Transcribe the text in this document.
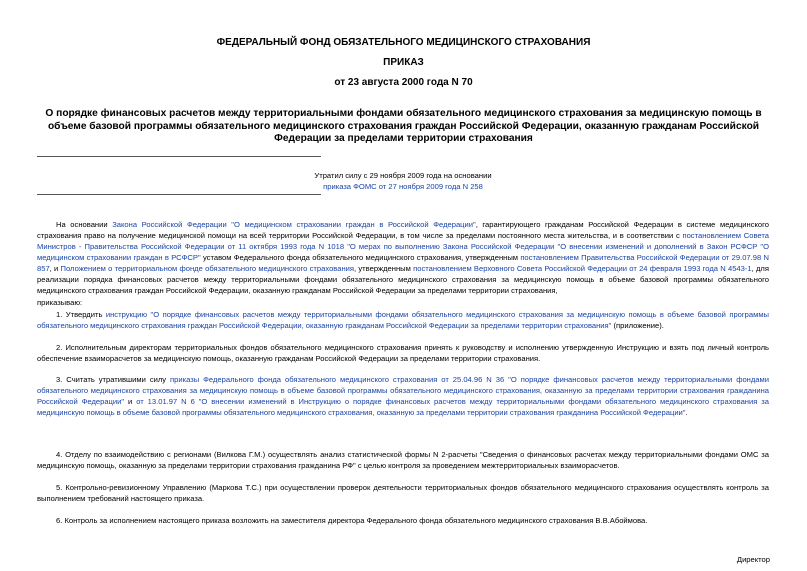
ФЕДЕРАЛЬНЫЙ ФОНД ОБЯЗАТЕЛЬНОГО МЕДИЦИНСКОГО СТРАХОВАНИЯ
ПРИКАЗ
от 23 августа 2000 года N 70
О порядке финансовых расчетов между территориальными фондами обязательного медицинского страхования за медицинскую помощь в объеме базовой программы обязательного медицинского страхования граждан Российской Федерации, оказанную гражданам Российской Федерации за пределами территории страхования
Утратил силу с 29 ноября 2009 года на основании
приказа ФОМС от 27 ноября 2009 года N 258
На основании Закона Российской Федерации "О медицинском страховании граждан в Российской Федерации", гарантирующего гражданам Российской Федерации в системе медицинского страхования право на получение медицинской помощи на всей территории Российской Федерации, в том числе за пределами постоянного места жительства, и в соответствии с постановлением Совета Министров - Правительства Российской Федерации от 11 октября 1993 года N 1018 "О мерах по выполнению Закона Российской Федерации "О внесении изменений и дополнений в Закон РСФСР "О медицинском страховании граждан в РСФСР" уставом Федерального фонда обязательного медицинского страхования, утвержденным постановлением Правительства Российской Федерации от 29.07.98 N 857, и Положением о территориальном фонде обязательного медицинского страхования, утвержденным постановлением Верховного Совета Российской Федерации от 24 февраля 1993 года N 4543-1, для реализации порядка финансовых расчетов между территориальными фондами обязательного медицинского страхования за медицинскую помощь в объеме базовой программы обязательного медицинского страхования граждан Российской Федерации, оказанную гражданам Российской Федерации за пределами территории страхования,
приказываю:
1. Утвердить инструкцию "О порядке финансовых расчетов между территориальными фондами обязательного медицинского страхования за медицинскую помощь в объеме базовой программы обязательного медицинского страхования граждан Российской Федерации, оказанную гражданам Российской Федерации за пределами территории страхования" (приложение).
2. Исполнительным директорам территориальных фондов обязательного медицинского страхования принять к руководству и исполнению утвержденную Инструкцию и взять под личный контроль обеспечение взаиморасчетов за медицинскую помощь, оказанную гражданам Российской Федерации за пределами территории страхования.
3. Считать утратившими силу приказы Федерального фонда обязательного медицинского страхования от 25.04.96 N 36 "О порядке финансовых расчетов между территориальными фондами обязательного медицинского страхования за медицинскую помощь в объеме базовой программы обязательного медицинского страхования, оказанную за пределами территории страхования гражданина Российской Федерации" и от 13.01.97 N 6 "О внесении изменений в Инструкцию о порядке финансовых расчетов между территориальными фондами обязательного медицинского страхования за медицинскую помощь в объеме базовой программы обязательного медицинского страхования, оказанную за пределами территории страхования гражданина Российской Федерации".
4. Отделу по взаимодействию с регионами (Вилкова Г.М.) осуществлять анализ статистической формы N 2-расчеты "Сведения о финансовых расчетах между территориальными фондами ОМС за медицинскую помощь, оказанную за пределами территории страхования гражданина РФ" с целью контроля за проведением межтерриториальных взаиморасчетов.
5. Контрольно-ревизионному Управлению (Маркова Т.С.) при осуществлении проверок деятельности территориальных фондов обязательного медицинского страхования осуществлять контроль за выполнением требований настоящего приказа.
6. Контроль за исполнением настоящего приказа возложить на заместителя директора Федерального фонда обязательного медицинского страхования В.В.Абоймова.
Директор
